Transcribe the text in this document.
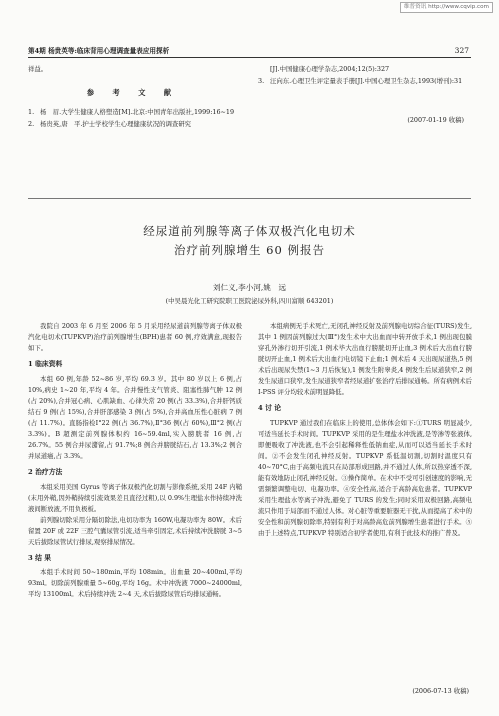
维普资讯 http://www.cqvip.com
第4期 杨贵英等:临床背用心理调查量表应用探析	327
祥益。
参 考 文 献
1. 杨　眉.大学生健康人格塑造[M].北京:中国青年出版社,1999:16~19
2. 杨贵英,唐　平.护士学校学生心理健康状况的调查研究
[J].中国健康心理学杂志,2004;12(5):327
3. 汪向东.心理卫生评定量表手册[J].中国心理卫生杂志,1993(增刊):31
(2007-01-19 收稿)
经尿道前列腺等离子体双极汽化电切术
治疗前列腺增生 60 例报告
刘仁义,李小河,姚　远
(中吴晨光化工研究院职工医院泌尿外科,四川富顺 643201)

我院自 2003 年 6 月至 2006 年 5 月采用经尿道前列腺等离子体双极汽化电切术(TUPKVP)治疗前列腺增生(BPH)患者 60 例,疗效满意,现报告如下。

1 临床资料

本组 60 例,年龄 52~86 岁,平均 69.3 岁。其中 80 岁以上 6 例,占 10%,病史 1~20 年,平均 4 年。合并慢性支气管炎、阻塞性肺气肿 12 例(占 20%),合并冠心病、心肌缺血、心律失常 20 例(占 33.3%),合并肝钙质结石 9 例(占 15%),合并肝部感染 3 例(占 5%),合并高血压性心脏病 7 例(占 11.7%)。直肠指检Ⅰ°22 例(占 36.7%),Ⅱ°36 例(占 60%),Ⅲ°2 例(占 3.3%)。B 超测定前列腺体积约 16~59.4ml,实入膀胱者 16 例,占 26.7%。55 例合并尿潴留,占 91.7%;8 例合并膀胱结石,占 13.3%;2 例合并尿道癌,占 3.3%。

2 治疗方法

本组采用美国 Gyrus 等离子体双极汽化切割与影像系统,采用 24F 内鞘(末用外鞘,因外鞘持续引流效果差且直径过粗),以 0.9%生理盐水作持续冲洗液间断放液,不用负极板。

前列腺切除采用分隔切除法,电切功率为 160W,电凝功率为 80W。术后留置 20F 或 22F 三腔气囊尿管引流,适当牵引固定,术后持续冲洗膀胱 3~5 天后拔除尿管试行排尿,观察排尿情况。

3 结 果

本组手术时间 50~180min,平均 108min。出血量 20~400ml,平均 93ml。切除前列腺重量 5~60g,平均 16g。术中冲洗液 7000~24000ml,平均 13100ml。术后持续冲洗 2~4 天,术后拔除尿管后均排尿通畅。

本组病例无手术死亡,无闭孔神经反射及前列腺电切综合征(TURS)发生,其中 1 例因前列腺过大(Ⅲ°)发生术中大出血而中转开放手术,1 例出现包膜穿孔外渗行切开引流,1 例术毕大出血行膀胱切开止血,3 例术后大出血行膀胱切开止血,1 例术后大出血行电切镜下止血;1 例术后 4 天出现尿道热,5 例术后出现尿失禁(1~3 月后恢复),1 例发生附睾炎,4 例发生后尿道狭窄,2 例发生尿道口狭窄,发生尿道狭窄者经尿道扩张治疗后排尿通畅。所有病例术后 I-PSS 评分均较术前明显降低。

4 讨 论

TUPKVP 通过我们在临床上的使用,总体体会如下:①TURS 明显减少,可适当延长手术时间。TUPKVP 采用的是生理盐水冲洗液,是等渗等张液体,即便吸收了冲洗液,也不会引起稀释性低钠血症,从而可以适当延长手术时间。②不会发生闭孔神经反射。TUPKVP 系低温切割,切割时温度只有 40~70°C,由于高频电流只在局部形成回路,并不通过人体,所以热穿透不深,能有效地防止闭孔神经反射。③操作简单。在术中不受可引创速度的影响,无需频繁调整电切、电凝功率。④安全性高,适合于高龄高危患者。TUPKVP 采用生理盐水等离子冲洗,避免了 TURS 的发生;同时采用双极回路,高频电流只作用于局部而不通过人体。对心脏等重要脏器无干扰,从而提高了术中的安全性和前列腺切除率,特别有利于对高龄高危前列腺增生患者进行手术。⑤由于上述特点,TUPKVP 特别适合初学者使用,有利于此技术的推广普及。

(2006-07-13 收稿)
